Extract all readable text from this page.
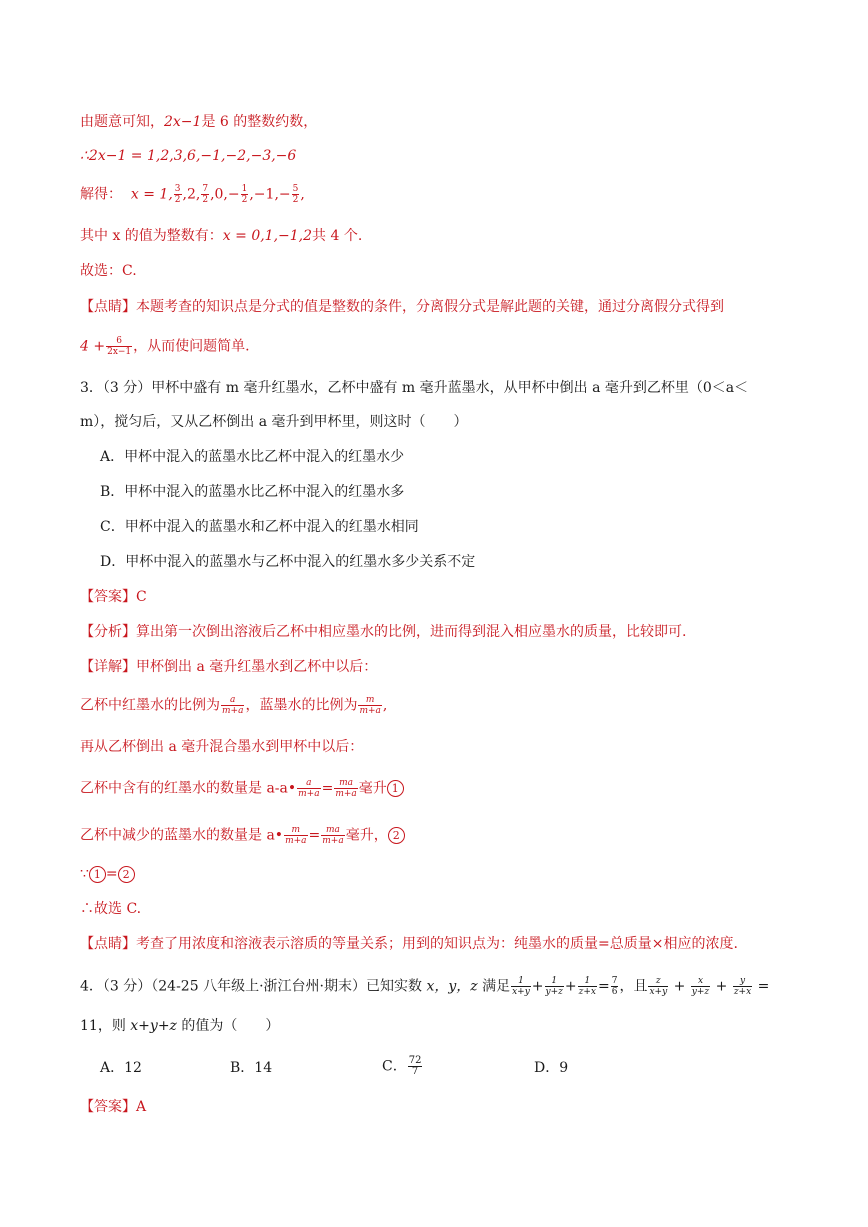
由题意可知，2x−1是 6 的整数约数，
∴2x−1 = 1,2,3,6,−1,−2,−3,−6
解得： x = 1, $\frac{3}{2} ,2$, $\frac{7}{2} ,0,- \frac{1}{2} ,-1,- \frac{5}{2}$ ,
其中 x 的值为整数有：x = 0,1,−1,2共 4 个.
故选：C.
【点睛】本题考查的知识点是分式的值是整数的条件，分离假分式是解此题的关键，通过分离假分式得到
$4 + \frac{6}{2x-1}$ ，从而使问题简单.
3．（3 分）甲杯中盛有 m 毫升红墨水，乙杯中盛有 m 毫升蓝墨水，从甲杯中倒出 a 毫升到乙杯里（0＜a＜
m），搅匀后，又从乙杯倒出 a 毫升到甲杯里，则这时（　　）
A．甲杯中混入的蓝墨水比乙杯中混入的红墨水少
B．甲杯中混入的蓝墨水比乙杯中混入的红墨水多
C．甲杯中混入的蓝墨水和乙杯中混入的红墨水相同
D．甲杯中混入的蓝墨水与乙杯中混入的红墨水多少关系不定
【答案】C
【分析】算出第一次倒出溶液后乙杯中相应墨水的比例，进而得到混入相应墨水的质量，比较即可.
【详解】甲杯倒出 a 毫升红墨水到乙杯中以后：
乙杯中红墨水的比例为 $\frac{a}{m+a}$ ，蓝墨水的比例为 $\frac{m}{m+a}$ ,
再从乙杯倒出 a 毫升混合墨水到甲杯中以后：
乙杯中含有的红墨水的数量是 a-a• $\frac{a}{m+a} = \frac{ma}{m+a}$ 毫升 1
乙杯中减少的蓝墨水的数量是 a• $\frac{m}{m+a} = \frac{ma}{m+a}$ 毫升， 2
∵ 1 = 2
∴故选 C.
【点睛】考查了用浓度和溶液表示溶质的等量关系；用到的知识点为：纯墨水的质量=总质量×相应的浓度.
4．（3 分）（24-25 八年级上·浙江台州·期末）已知实数 x，y，z 满足 $\frac{1}{x+y} + \frac{1}{y+z} + \frac{1}{z+x} = \frac{7}{6}$ ，且 $\frac{z}{x+y} + \frac{x}{y+z} + \frac{y}{z+x}$ =
11，则 x+y+z 的值为（　　）
A．12	B．14	C． $\frac{72}{7}$	D．9
【答案】A
